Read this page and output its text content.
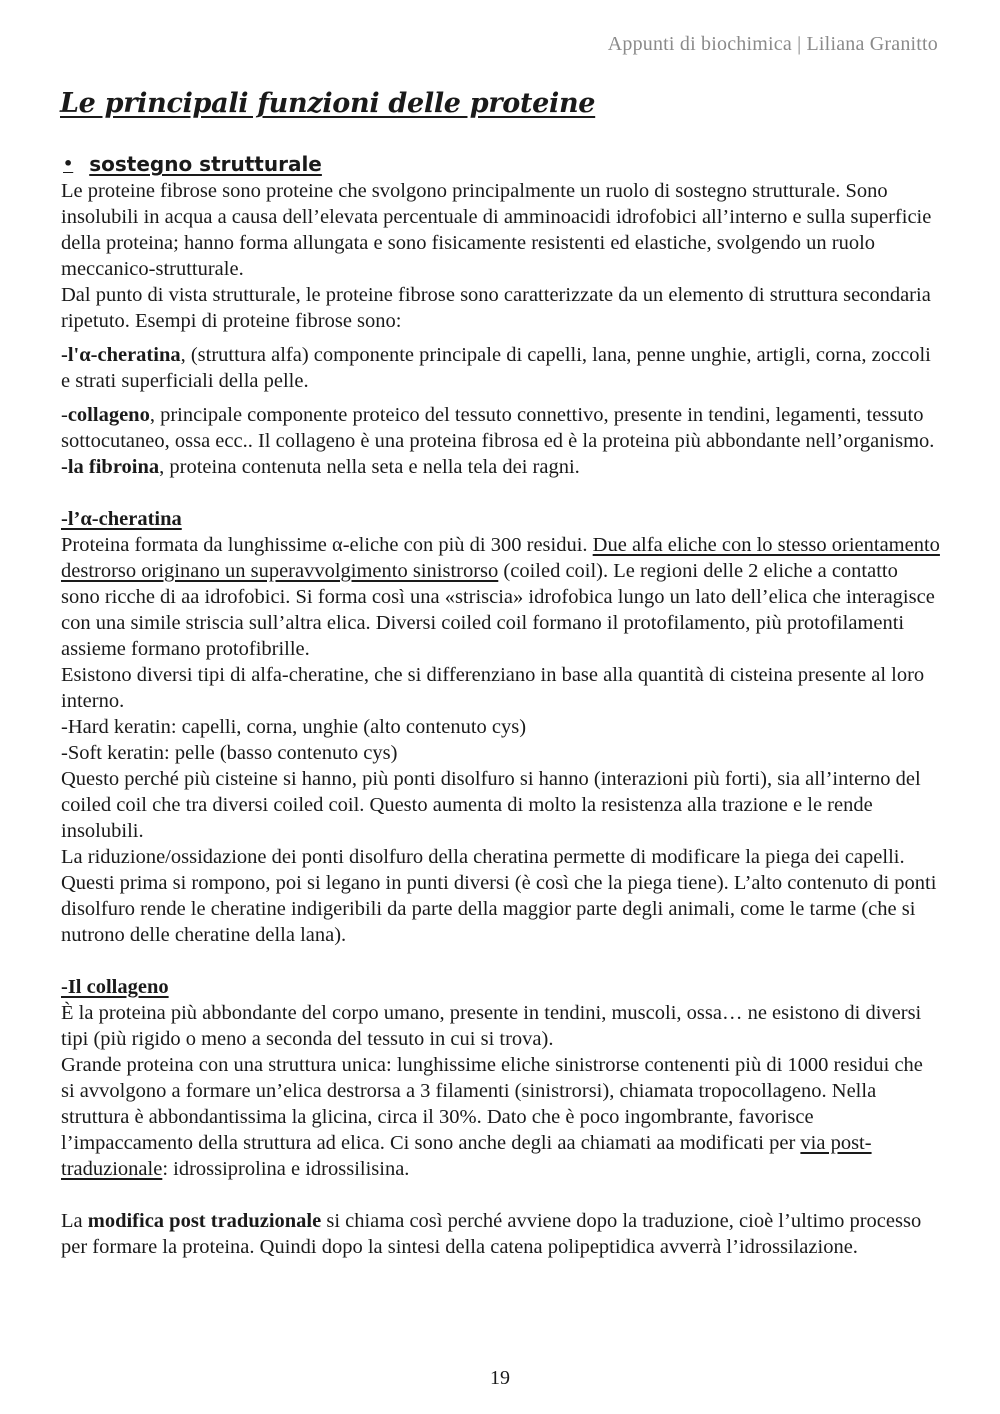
Appunti di biochimica | Liliana Granitto
Le principali funzioni delle proteine
• sostegno strutturale

Le proteine fibrose sono proteine che svolgono principalmente un ruolo di sostegno strutturale. Sono insolubili in acqua a causa dell’elevata percentuale di amminoacidi idrofobici all’interno e sulla superficie della proteina; hanno forma allungata e sono fisicamente resistenti ed elastiche, svolgendo un ruolo meccanico-strutturale.

Dal punto di vista strutturale, le proteine fibrose sono caratterizzate da un elemento di struttura secondaria ripetuto. Esempi di proteine fibrose sono:

-l'α-cheratina, (struttura alfa) componente principale di capelli, lana, penne unghie, artigli, corna, zoccoli e strati superficiali della pelle.

-collageno, principale componente proteico del tessuto connettivo, presente in tendini, legamenti, tessuto sottocutaneo, ossa ecc.. Il collageno è una proteina fibrosa ed è la proteina più abbondante nell’organismo.

-la fibroina, proteina contenuta nella seta e nella tela dei ragni.

-l’α-cheratina

Proteina formata da lunghissime α-eliche con più di 300 residui. Due alfa eliche con lo stesso orientamento destrorso originano un superavvolgimento sinistrorso (coiled coil). Le regioni delle 2 eliche a contatto sono ricche di aa idrofobici. Si forma così una «striscia» idrofobica lungo un lato dell’elica che interagisce con una simile striscia sull’altra elica. Diversi coiled coil formano il protofilamento, più protofilamenti assieme formano protofibrille.

Esistono diversi tipi di alfa-cheratine, che si differenziano in base alla quantità di cisteina presente al loro interno.

-Hard keratin: capelli, corna, unghie (alto contenuto cys)

-Soft keratin: pelle (basso contenuto cys)

Questo perché più cisteine si hanno, più ponti disolfuro si hanno (interazioni più forti), sia all’interno del coiled coil che tra diversi coiled coil. Questo aumenta di molto la resistenza alla trazione e le rende insolubili.

La riduzione/ossidazione dei ponti disolfuro della cheratina permette di modificare la piega dei capelli. Questi prima si rompono, poi si legano in punti diversi (è così che la piega tiene). L’alto contenuto di ponti disolfuro rende le cheratine indigeribili da parte della maggior parte degli animali, come le tarme (che si nutrono delle cheratine della lana).

-Il collageno

È la proteina più abbondante del corpo umano, presente in tendini, muscoli, ossa… ne esistono di diversi tipi (più rigido o meno a seconda del tessuto in cui si trova).

Grande proteina con una struttura unica: lunghissime eliche sinistrorse contenenti più di 1000 residui che si avvolgono a formare un’elica destrorsa a 3 filamenti (sinistrorsi), chiamata tropocollageno. Nella struttura è abbondantissima la glicina, circa il 30%. Dato che è poco ingombrante, favorisce l’impaccamento della struttura ad elica. Ci sono anche degli aa chiamati aa modificati per via post-traduzionale: idrossiprolina e idrossilisina.

La modifica post traduzionale si chiama così perché avviene dopo la traduzione, cioè l’ultimo processo per formare la proteina. Quindi dopo la sintesi della catena polipeptidica avverrà l’idrossilazione.

19
